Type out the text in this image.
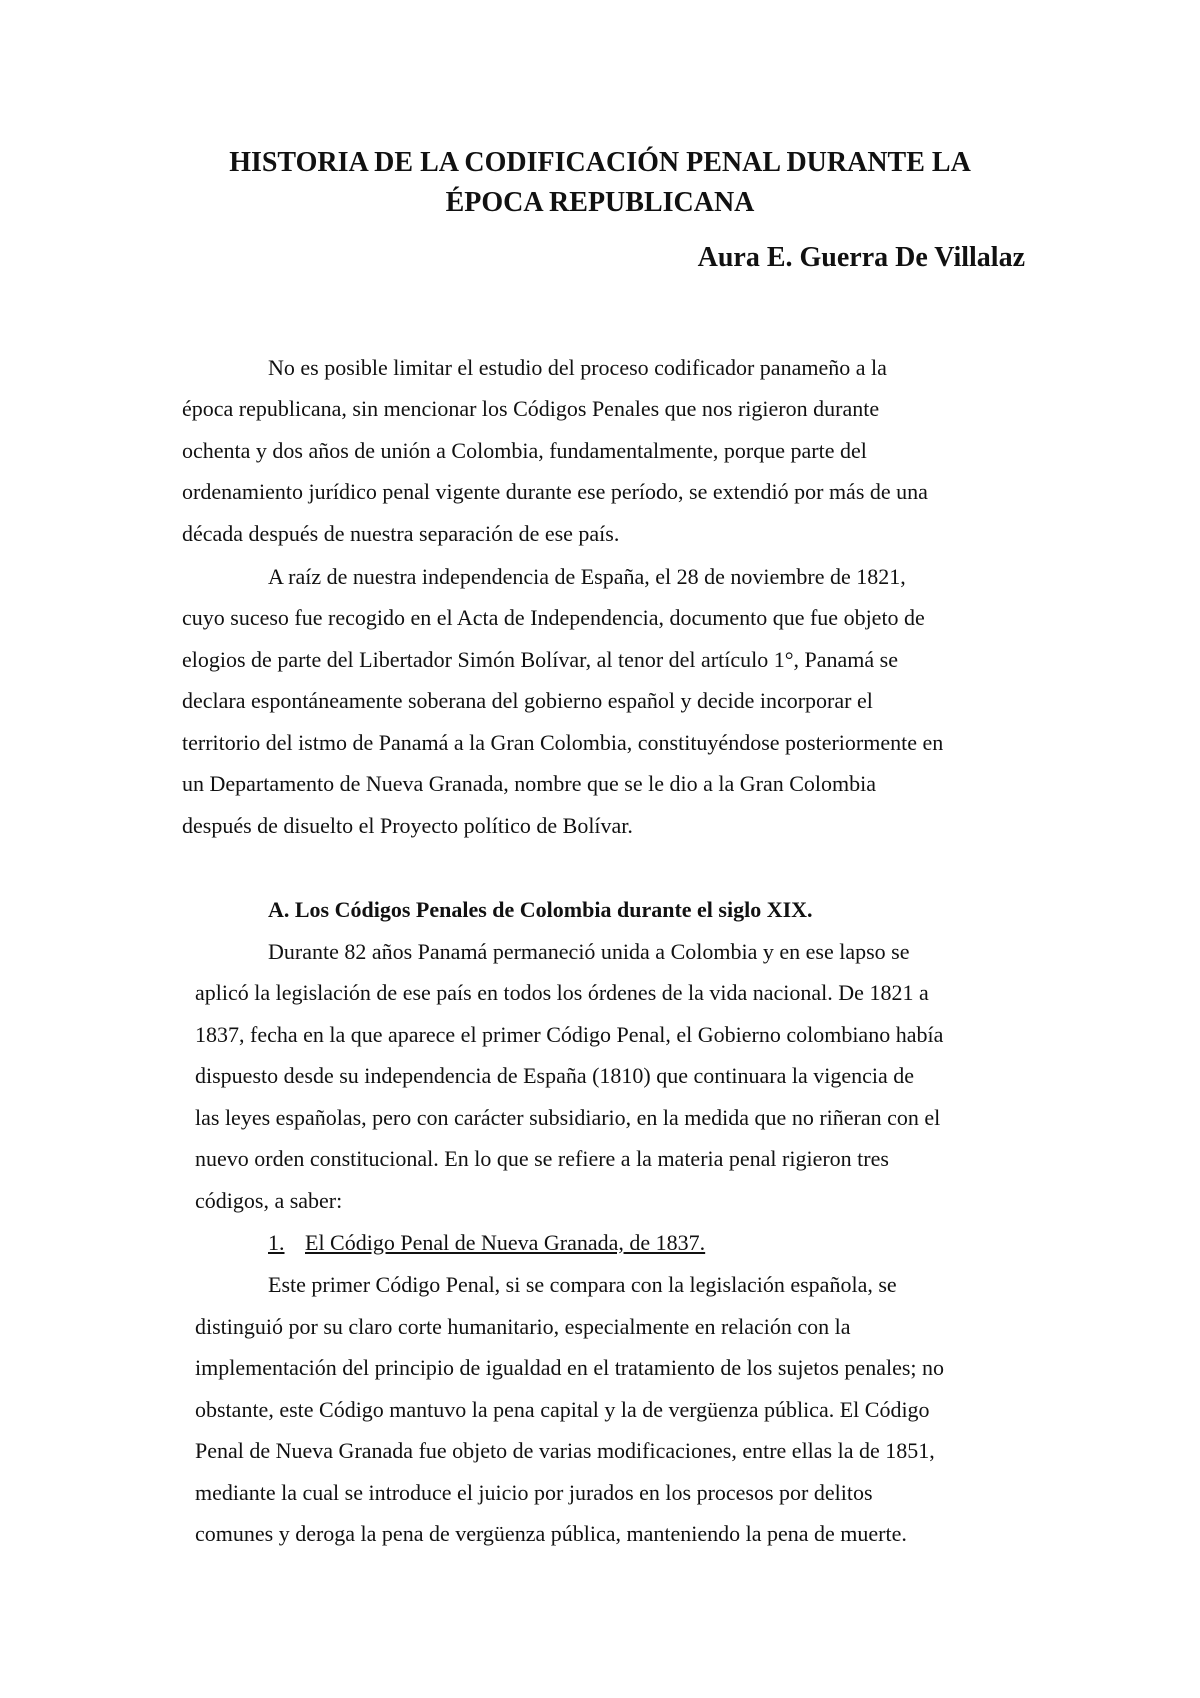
HISTORIA DE LA CODIFICACIÓN PENAL DURANTE LA
ÉPOCA REPUBLICANA
Aura E. Guerra De Villalaz
No es posible limitar el estudio del proceso codificador panameño a la
época republicana, sin mencionar los Códigos Penales que nos rigieron durante
ochenta y dos años de unión a Colombia, fundamentalmente, porque parte del
ordenamiento jurídico penal vigente durante ese período, se extendió por más de una
década después de nuestra separación de ese país.
A raíz de nuestra independencia de España, el 28 de noviembre de 1821,
cuyo suceso fue recogido en el Acta de Independencia, documento que fue objeto de
elogios de parte del Libertador Simón Bolívar, al tenor del artículo 1°, Panamá se
declara espontáneamente soberana del gobierno español y decide incorporar el
territorio del istmo de Panamá a la Gran Colombia, constituyéndose posteriormente en
un Departamento de Nueva Granada, nombre que se le dio a la Gran Colombia
después de disuelto el Proyecto político de Bolívar.
A. Los Códigos Penales de Colombia durante el siglo XIX.
Durante 82 años Panamá permaneció unida a Colombia y en ese lapso se
aplicó la legislación de ese país en todos los órdenes de la vida nacional. De 1821 a
1837, fecha en la que aparece el primer Código Penal, el Gobierno colombiano había
dispuesto desde su independencia de España (1810) que continuara la vigencia de
las leyes españolas, pero con carácter subsidiario, en la medida que no riñeran con el
nuevo orden constitucional. En lo que se refiere a la materia penal rigieron tres
códigos, a saber:
1. El Código Penal de Nueva Granada, de 1837.
Este primer Código Penal, si se compara con la legislación española, se
distinguió por su claro corte humanitario, especialmente en relación con la
implementación del principio de igualdad en el tratamiento de los sujetos penales; no
obstante, este Código mantuvo la pena capital y la de vergüenza pública. El Código
Penal de Nueva Granada fue objeto de varias modificaciones, entre ellas la de 1851,
mediante la cual se introduce el juicio por jurados en los procesos por delitos
comunes y deroga la pena de vergüenza pública, manteniendo la pena de muerte.
